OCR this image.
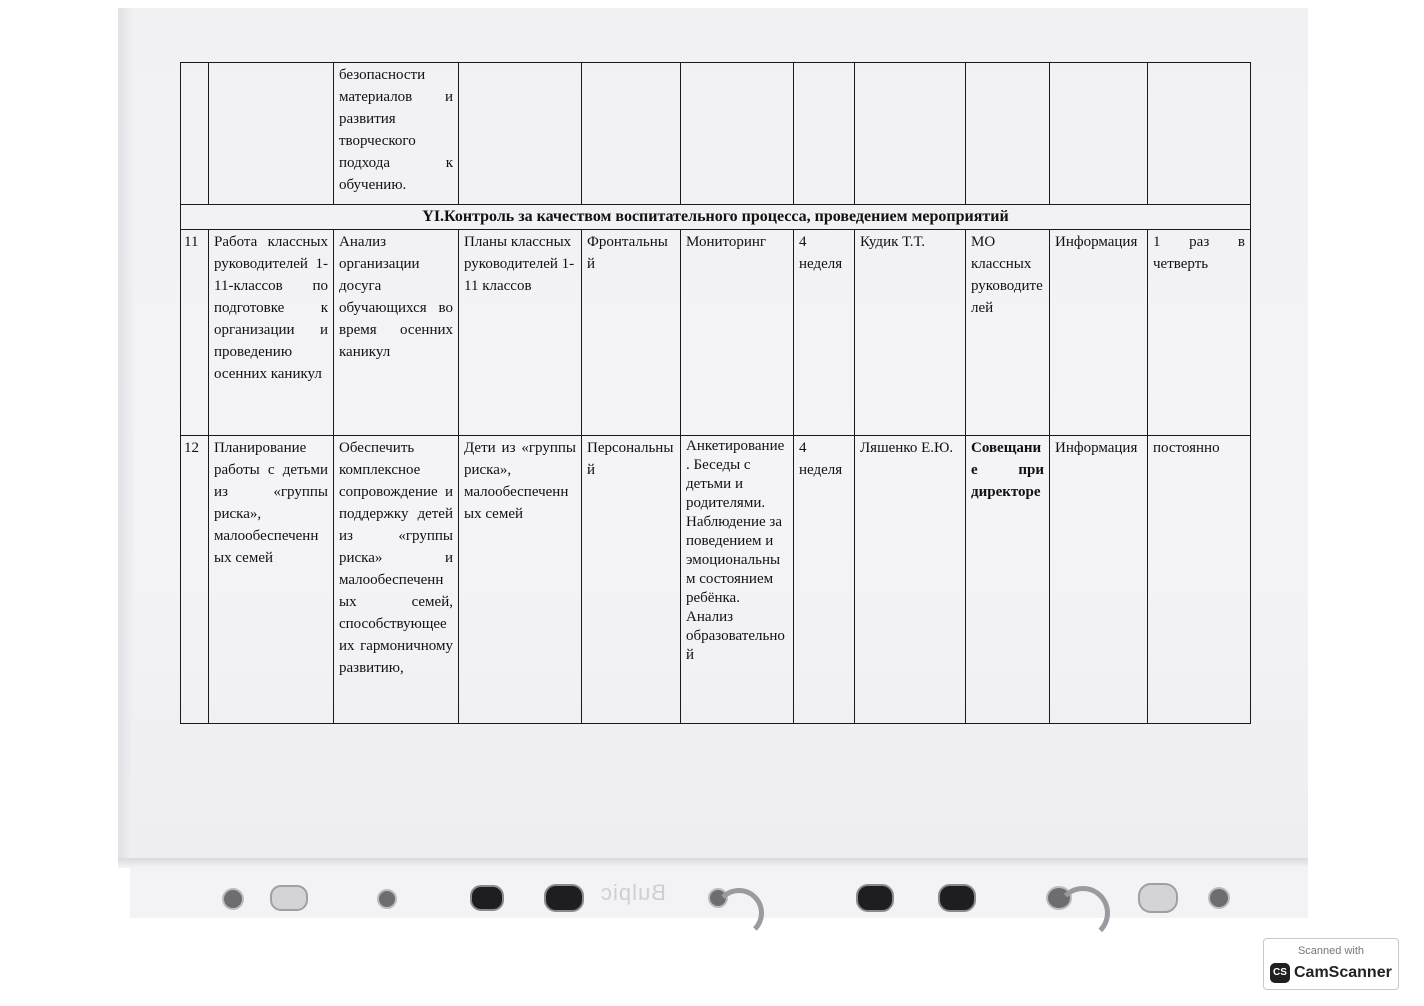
Bulpic
		безопасности материалов и развития творческого подхода к обучению.								
YI.Контроль за качеством воспитательного процесса, проведением мероприятий										
11	Работа классных руководителей 1-11-классов по подготовке к организации и проведению осенних каникул	Анализ организации досуга обучающихся во время осенних каникул	Планы классных руководителей 1-11 классов	Фронтальный	Мониторинг	4 неделя	Кудик Т.Т.	МО классных руководителей	Информация	1 раз в четверть
12	Планирование работы с детьми из «группы риска», малообеспеченных семей	Обеспечить комплексное сопровождение и поддержку детей из «группы риска» и малообеспеченных семей, способствующее их гармоничному развитию,	Дети из «группы риска», малообеспеченных семей	Персональный	Анкетирование . Беседы с детьми и родителями. Наблюдение за поведением и эмоциональным состоянием ребёнка. Анализ образовательной	4 неделя	Ляшенко Е.Ю.	Совещание при директоре	Информация	постоянно
Scanned with
CS CamScanner
